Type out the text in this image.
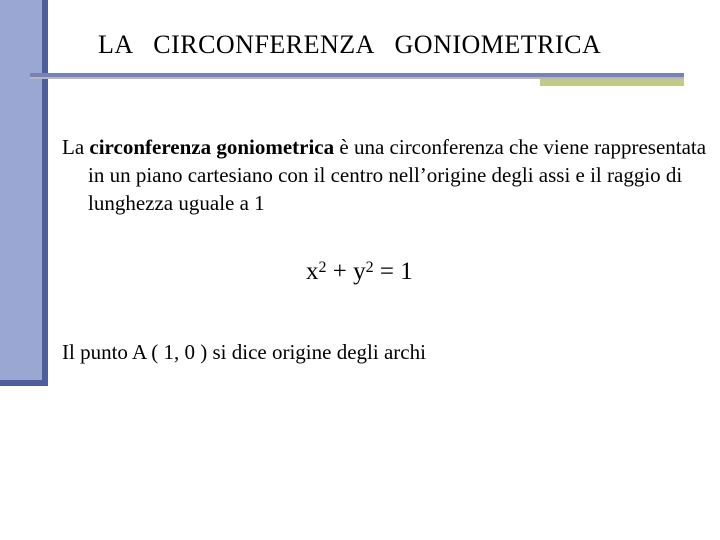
LA   CIRCONFERENZA   GONIOMETRICA
La circonferenza goniometrica è una circonferenza che viene rappresentata in un piano cartesiano con il centro nell’origine degli assi e il raggio di lunghezza uguale a 1
$x^2 + y^2 = 1$
Il punto A ( 1, 0 ) si dice origine degli archi
